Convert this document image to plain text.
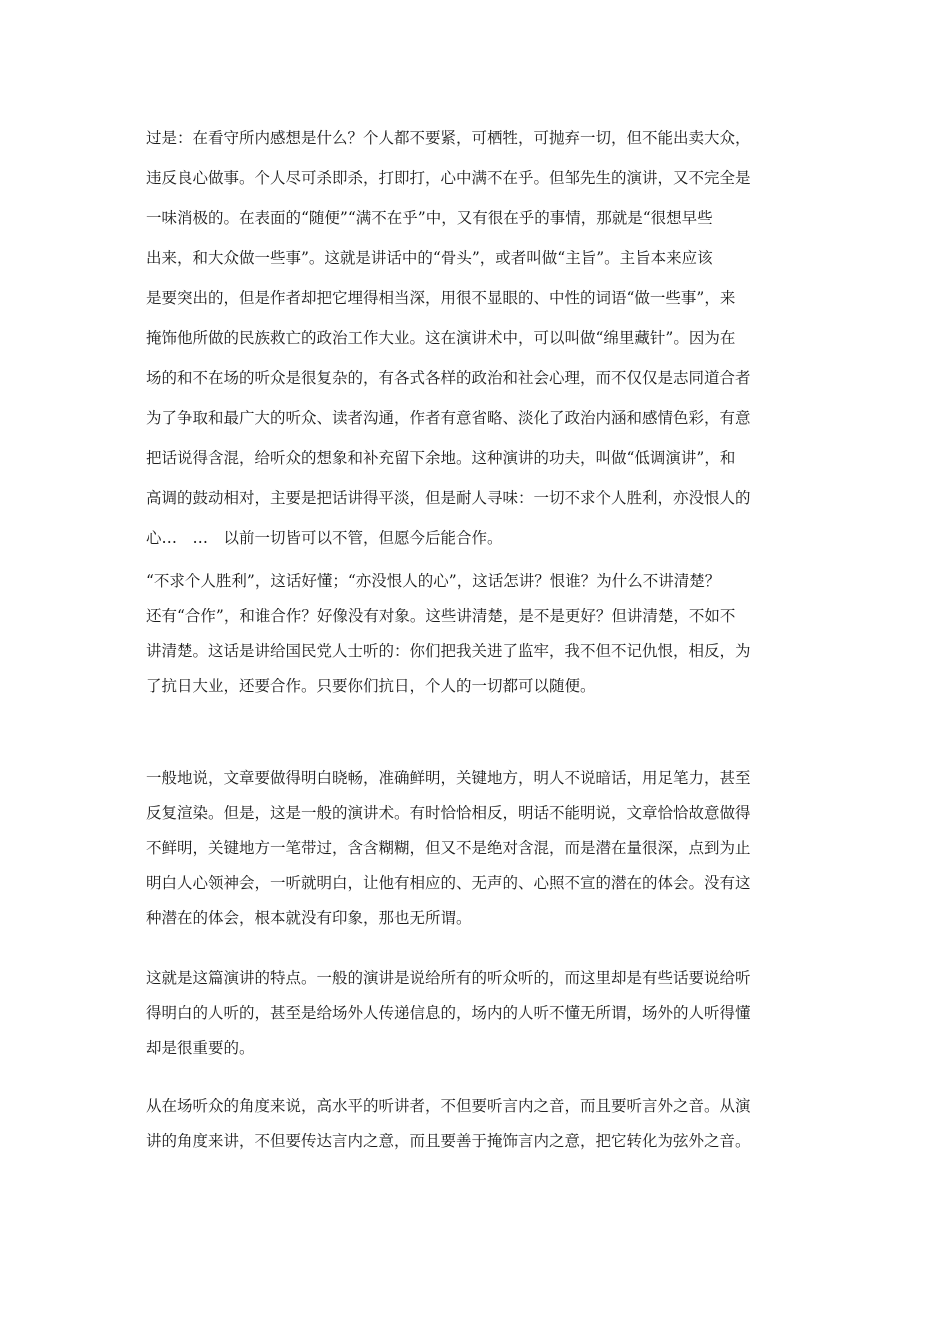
过是：在看守所内感想是什么？个人都不要紧，可栖牲，可抛弃一切，但不能出卖大众，
违反良心做事。个人尽可杀即杀，打即打，心中满不在乎。但邹先生的演讲，又不完全是
一味消极的。在表面的“随便”“满不在乎”中，又有很在乎的事情，那就是“很想早些
出来，和大众做一些事”。这就是讲话中的“骨头”，或者叫做“主旨”。主旨本来应该
是要突出的，但是作者却把它埋得相当深，用很不显眼的、中性的词语“做一些事”，来
掩饰他所做的民族救亡的政治工作大业。这在演讲术中，可以叫做“绵里藏针”。因为在
场的和不在场的听众是很复杂的，有各式各样的政治和社会心理，而不仅仅是志同道合者
为了争取和最广大的听众、读者沟通，作者有意省略、淡化了政治内涵和感情色彩，有意
把话说得含混，给听众的想象和补充留下余地。这种演讲的功夫，叫做“低调演讲”，和
高调的鼓动相对，主要是把话讲得平淡，但是耐人寻味：一切不求个人胜利，亦没恨人的
心…　…　以前一切皆可以不管，但愿今后能合作。

“不求个人胜利”，这话好懂；“亦没恨人的心”，这话怎讲？恨谁？为什么不讲清楚？
还有“合作”，和谁合作？好像没有对象。这些讲清楚，是不是更好？但讲清楚，不如不
讲清楚。这话是讲给国民党人士听的：你们把我关进了监牢，我不但不记仇恨，相反，为
了抗日大业，还要合作。只要你们抗日，个人的一切都可以随便。

一般地说，文章要做得明白晓畅，准确鲜明，关键地方，明人不说暗话，用足笔力，甚至
反复渲染。但是，这是一般的演讲术。有时恰恰相反，明话不能明说，文章恰恰故意做得
不鲜明，关键地方一笔带过，含含糊糊，但又不是绝对含混，而是潜在量很深，点到为止
明白人心领神会，一听就明白，让他有相应的、无声的、心照不宣的潜在的体会。没有这
种潜在的体会，根本就没有印象，那也无所谓。

这就是这篇演讲的特点。一般的演讲是说给所有的听众听的，而这里却是有些话要说给听
得明白的人听的，甚至是给场外人传递信息的，场内的人听不懂无所谓，场外的人听得懂
却是很重要的。

从在场听众的角度来说，高水平的听讲者，不但要听言内之音，而且要听言外之音。从演
讲的角度来讲，不但要传达言内之意，而且要善于掩饰言内之意，把它转化为弦外之音。
